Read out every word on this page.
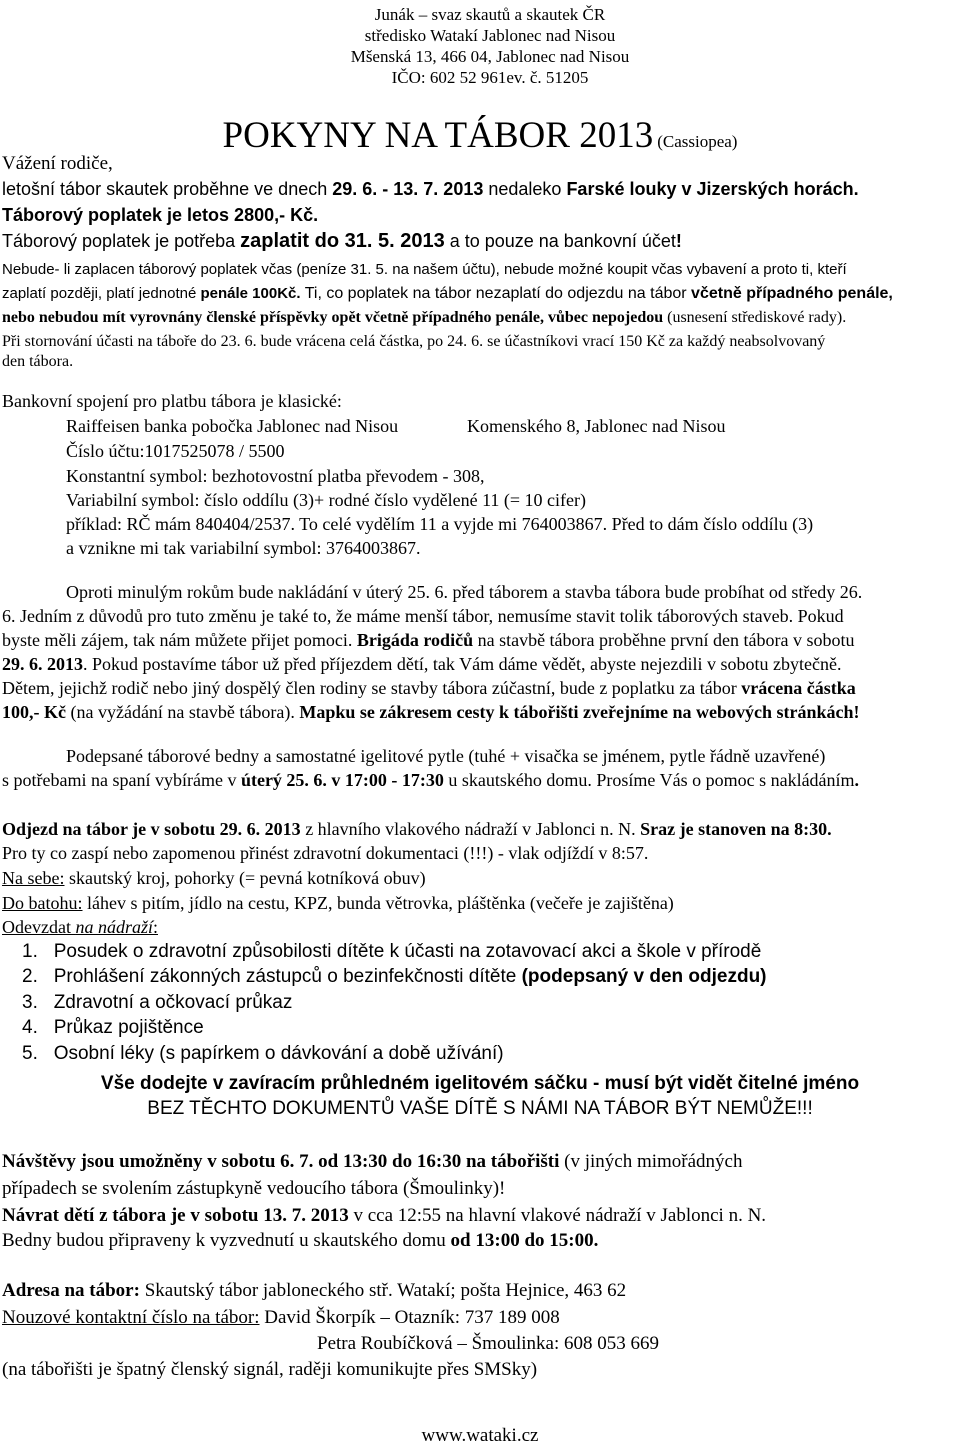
Junák – svaz skautů a skautek ČR
středisko Watakí Jablonec nad Nisou
Mšenská 13, 466 04, Jablonec nad Nisou
IČO: 602 52 961ev. č. 51205
POKYNY NA TÁBOR 2013 (Cassiopea)
Vážení rodiče,
letošní tábor skautek proběhne ve dnech 29. 6. - 13. 7. 2013 nedaleko Farské louky v Jizerských horách.
Táborový poplatek je letos 2800,- Kč.
Táborový poplatek je potřeba zaplatit do 31. 5. 2013 a to pouze na bankovní účet!
Nebude- li zaplacen táborový poplatek včas (peníze 31. 5. na našem účtu), nebude možné koupit včas vybavení a proto ti, kteří
zaplatí později, platí jednotné penále 100Kč. Ti, co poplatek na tábor nezaplatí do odjezdu na tábor včetně případného penále,
nebo nebudou mít vyrovnány členské příspěvky opět včetně případného penále, vůbec nepojedou (usnesení střediskové rady).
Při stornování účasti na táboře do 23. 6. bude vrácena celá částka, po 24. 6. se účastníkovi vrací 150 Kč za každý neabsolvovaný
den tábora.
Bankovní spojení pro platbu tábora je klasické:
Raiffeisen banka pobočka Jablonec nad Nisou	Komenského 8, Jablonec nad Nisou
Číslo účtu:1017525078 / 5500
Konstantní symbol: bezhotovostní platba převodem - 308,
Variabilní symbol: číslo oddílu (3)+ rodné číslo vydělené 11 (= 10 cifer)
příklad: RČ mám 840404/2537. To celé vydělím 11 a vyjde mi 764003867. Před to dám číslo oddílu (3)
a vznikne mi tak variabilní symbol: 3764003867.
Oproti minulým rokům bude nakládání v úterý 25. 6. před táborem a stavba tábora bude probíhat od středy 26.
6. Jedním z důvodů pro tuto změnu je také to, že máme menší tábor, nemusíme stavit tolik táborových staveb. Pokud
byste měli zájem, tak nám můžete přijet pomoci. Brigáda rodičů na stavbě tábora proběhne první den tábora v sobotu
29. 6. 2013. Pokud postavíme tábor už před příjezdem dětí, tak Vám dáme vědět, abyste nejezdili v sobotu zbytečně.
Dětem, jejichž rodič nebo jiný dospělý člen rodiny se stavby tábora zúčastní, bude z poplatku za tábor vrácena částka
100,- Kč (na vyžádání na stavbě tábora). Mapku se zákresem cesty k tábořišti zveřejníme na webových stránkách!
Podepsané táborové bedny a samostatné igelitové pytle (tuhé + visačka se jménem, pytle řádně uzavřené)
s potřebami na spaní vybíráme v úterý 25. 6. v 17:00 - 17:30 u skautského domu. Prosíme Vás o pomoc s nakládáním.
Odjezd na tábor je v sobotu 29. 6. 2013 z hlavního vlakového nádraží v Jablonci n. N. Sraz je stanoven na 8:30.
Pro ty co zaspí nebo zapomenou přinést zdravotní dokumentaci (!!!) - vlak odjíždí v 8:57.
Na sebe: skautský kroj, pohorky (= pevná kotníková obuv)
Do batohu: láhev s pitím, jídlo na cestu, KPZ, bunda větrovka, pláštěnka (večeře je zajištěna)
Odevzdat na nádraží:
1. Posudek o zdravotní způsobilosti dítěte k účasti na zotavovací akci a škole v přírodě
2. Prohlášení zákonných zástupců o bezinfekčnosti dítěte (podepsaný v den odjezdu)
3. Zdravotní a očkovací průkaz
4. Průkaz pojištěnce
5. Osobní léky (s papírkem o dávkování a době užívání)
Vše dodejte v zavíracím průhledném igelitovém sáčku - musí být vidět čitelné jméno
BEZ TĚCHTO DOKUMENTŮ VAŠE DÍTĚ S NÁMI NA TÁBOR BÝT NEMŮŽE!!!
Návštěvy jsou umožněny v sobotu 6. 7. od 13:30 do 16:30 na tábořišti (v jiných mimořádných
případech se svolením zástupkyně vedoucího tábora (Šmoulinky)!
Návrat dětí z tábora je v sobotu 13. 7. 2013 v cca 12:55 na hlavní vlakové nádraží v Jablonci n. N.
Bedny budou připraveny k vyzvednutí u skautského domu od 13:00 do 15:00.
Adresa na tábor: Skautský tábor jabloneckého stř. Watakí; pošta Hejnice, 463 62
Nouzové kontaktní číslo na tábor: David Škorpík – Otazník: 737 189 008
Petra Roubíčková – Šmoulinka: 608 053 669
(na tábořišti je špatný členský signál, raději komunikujte přes SMSky)
www.wataki.cz
